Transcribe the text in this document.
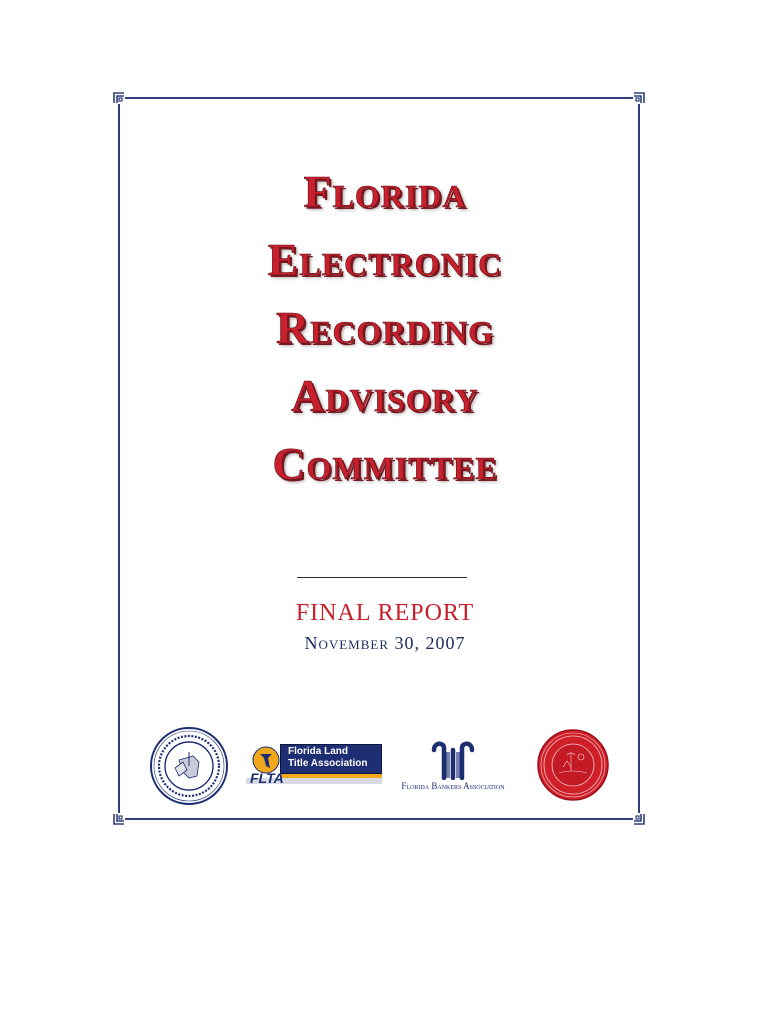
Florida
Electronic
Recording
Advisory
Committee
FINAL REPORT
November 30, 2007
Florida Land
Title Association
FLTA	Florida Bankers Association
